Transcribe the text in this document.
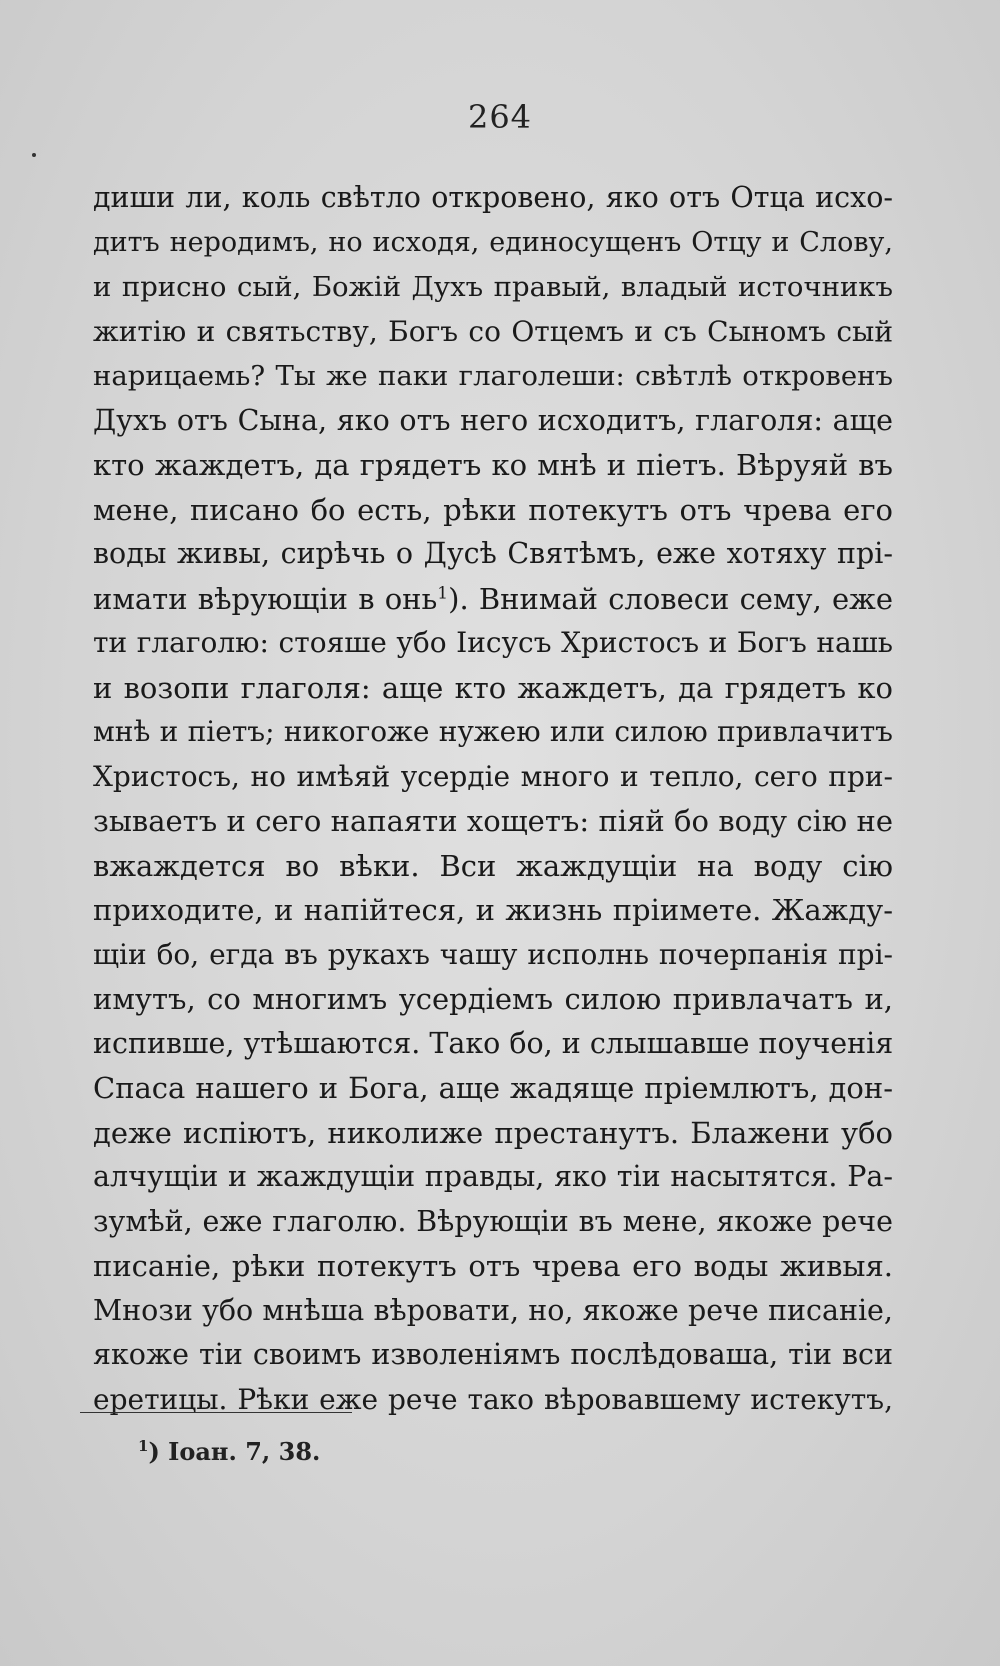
264
диши ли, коль свѣтло откровено, яко отъ Отца исхо-
дитъ неродимъ, но исходя, единосущенъ Отцу и Слову,
и присно сый, Божій Духъ правый, владый источникъ
житію и святьству, Богъ со Отцемъ и съ Сыномъ сый
нарицаемь? Ты же паки глаголеши: свѣтлѣ откровенъ
Духъ отъ Сына, яко отъ него исходитъ, глаголя: аще
кто жаждетъ, да грядетъ ко мнѣ и піетъ. Вѣруяй въ
мене, писано бо есть, рѣки потекутъ отъ чрева его
воды живы, сирѣчь о Дусѣ Святѣмъ, еже хотяху прі-
имати вѣрующіи в онь$^1$). Внимай словеси сему, еже
ти глаголю: стояше убо Іисусъ Христосъ и Богъ нашь
и возопи глаголя: аще кто жаждетъ, да грядетъ ко
мнѣ и піетъ; никогоже нужею или силою привлачитъ
Христосъ, но имѣяй усердіе много и тепло, сего при-
зываетъ и сего напаяти хощетъ: піяй бо воду сію не
вжаждется во вѣки. Вси жаждущіи на воду сію
приходите, и напійтеся, и жизнь пріимете. Жажду-
щіи бо, егда въ рукахъ чашу исполнь почерпанія прі-
имутъ, со многимъ усердіемъ силою привлачатъ и,
испивше, утѣшаются. Тако бо, и слышавше поученія
Спаса нашего и Бога, аще жадяще пріемлютъ, дон-
деже испіютъ, николиже престанутъ. Блажени убо
алчущіи и жаждущіи правды, яко тіи насытятся. Ра-
зумѣй, еже глаголю. Вѣрующіи въ мене, якоже рече
писаніе, рѣки потекутъ отъ чрева его воды живыя.
Мнози убо мнѣша вѣровати, но, якоже рече писаніе,
якоже тіи своимъ изволеніямъ послѣдоваша, тіи вси
еретицы. Рѣки еже рече тако вѣровавшему истекутъ,
$^1$) Іоан. 7, 38.
